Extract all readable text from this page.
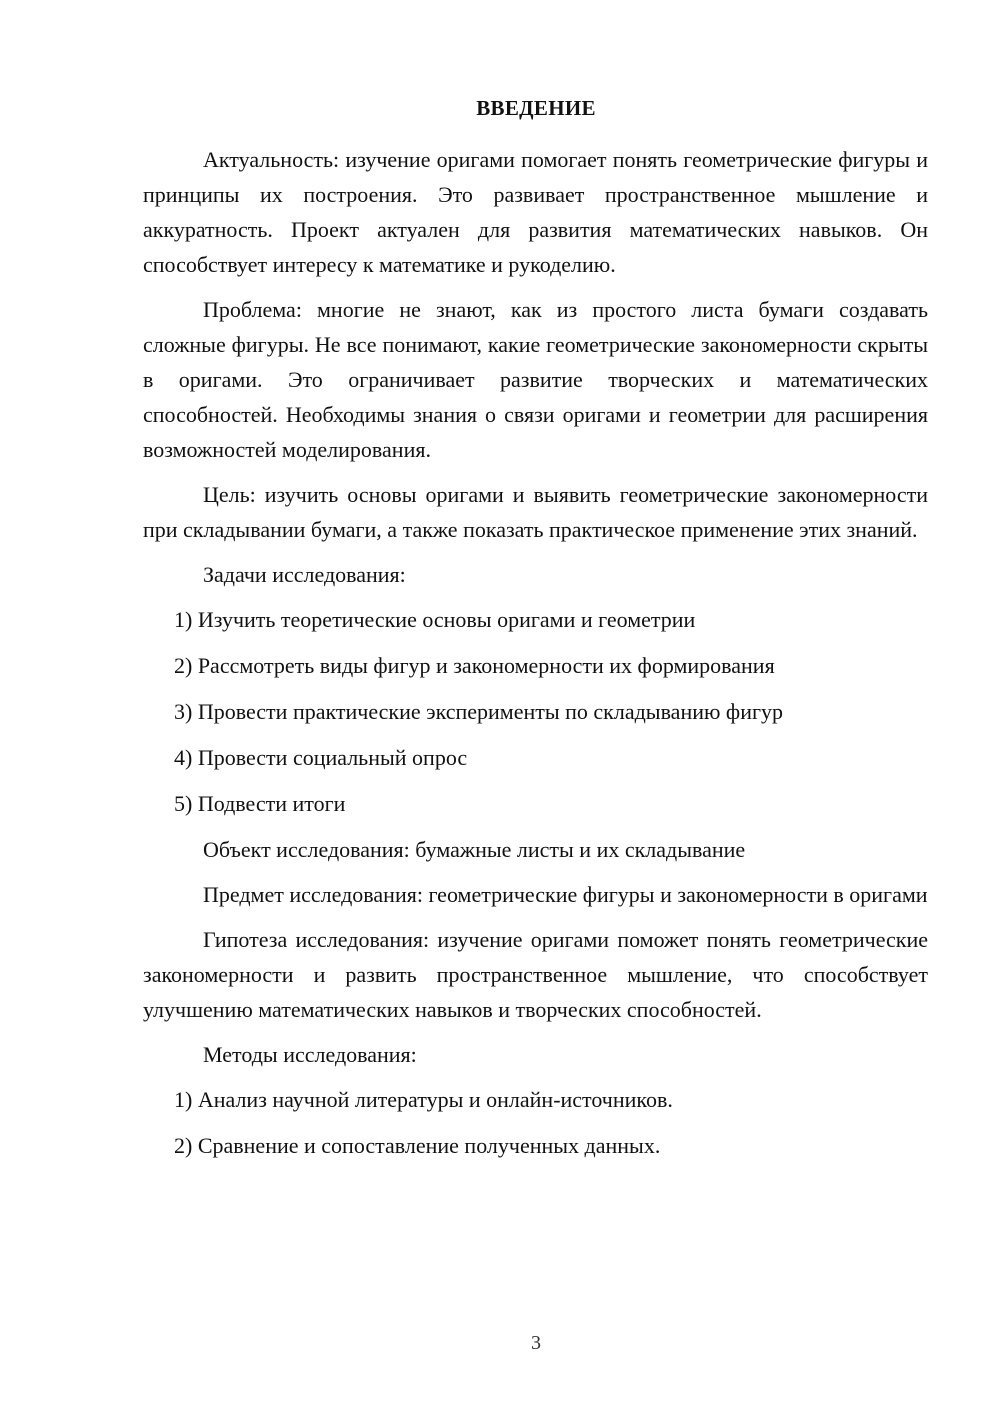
ВВЕДЕНИЕ

Актуальность: изучение оригами помогает понять геометрические фигуры и принципы их построения. Это развивает пространственное мышление и аккуратность. Проект актуален для развития математических навыков. Он способствует интересу к математике и рукоделию.

Проблема: многие не знают, как из простого листа бумаги создавать сложные фигуры. Не все понимают, какие геометрические закономерности скрыты в оригами. Это ограничивает развитие творческих и математических способностей. Необходимы знания о связи оригами и геометрии для расширения возможностей моделирования.

Цель: изучить основы оригами и выявить геометрические закономерности при складывании бумаги, а также показать практическое применение этих знаний.

Задачи исследования:

1) Изучить теоретические основы оригами и геометрии

2) Рассмотреть виды фигур и закономерности их формирования

3) Провести практические эксперименты по складыванию фигур

4) Провести социальный опрос

5) Подвести итоги

Объект исследования: бумажные листы и их складывание

Предмет исследования: геометрические фигуры и закономерности в оригами

Гипотеза исследования: изучение оригами поможет понять геометрические закономерности и развить пространственное мышление, что способствует улучшению математических навыков и творческих способностей.

Методы исследования:

1) Анализ научной литературы и онлайн-источников.

2) Сравнение и сопоставление полученных данных.

3
